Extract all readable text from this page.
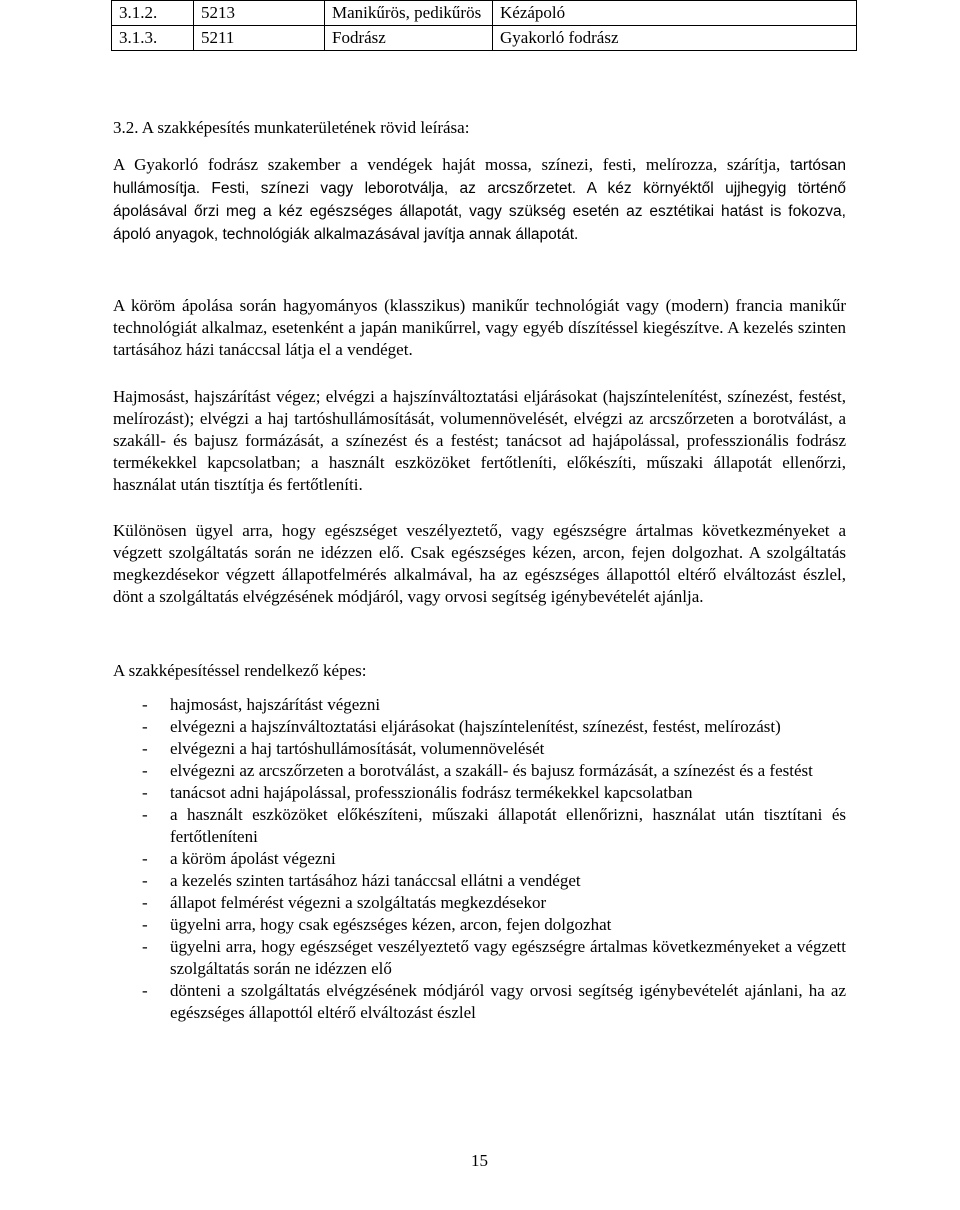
3.1.2.	5213	Manikűrös, pedikűrös	Kézápoló
3.1.3.	5211	Fodrász	Gyakorló fodrász
3.2. A szakképesítés munkaterületének rövid leírása:

A Gyakorló fodrász szakember a vendégek haját mossa, színezi, festi, melírozza, szárítja, tartósan hullámosítja. Festi, színezi vagy leborotválja, az arcszőrzetet. A kéz környéktől ujjhegyig történő ápolásával őrzi meg a kéz egészséges állapotát, vagy szükség esetén az esztétikai hatást is fokozva, ápoló anyagok, technológiák alkalmazásával javítja annak állapotát.

A köröm ápolása során hagyományos (klasszikus) manikűr technológiát vagy (modern) francia manikűr technológiát alkalmaz, esetenként a japán manikűrrel, vagy egyéb díszítéssel kiegészítve. A kezelés szinten tartásához házi tanáccsal látja el a vendéget.

Hajmosást, hajszárítást végez; elvégzi a hajszínváltoztatási eljárásokat (hajszíntelenítést, színezést, festést, melírozást); elvégzi a haj tartóshullámosítását, volumennövelését, elvégzi az arcszőrzeten a borotválást, a szakáll- és bajusz formázását, a színezést és a festést; tanácsot ad hajápolással, professzionális fodrász termékekkel kapcsolatban; a használt eszközöket fertőtleníti, előkészíti, műszaki állapotát ellenőrzi, használat után tisztítja és fertőtleníti.

Különösen ügyel arra, hogy egészséget veszélyeztető, vagy egészségre ártalmas következményeket a végzett szolgáltatás során ne idézzen elő. Csak egészséges kézen, arcon, fejen dolgozhat. A szolgáltatás megkezdésekor végzett állapotfelmérés alkalmával, ha az egészséges állapottól eltérő elváltozást észlel, dönt a szolgáltatás elvégzésének módjáról, vagy orvosi segítség igénybevételét ajánlja.

A szakképesítéssel rendelkező képes:
- hajmosást, hajszárítást végezni
- elvégezni a hajszínváltoztatási eljárásokat (hajszíntelenítést, színezést, festést, melírozást)
- elvégezni a haj tartóshullámosítását, volumennövelését
- elvégezni az arcszőrzeten a borotválást, a szakáll- és bajusz formázását, a színezést és a festést
- tanácsot adni hajápolással, professzionális fodrász termékekkel kapcsolatban
- a használt eszközöket előkészíteni, műszaki állapotát ellenőrizni, használat után tisztítani és fertőtleníteni
- a köröm ápolást végezni
- a kezelés szinten tartásához házi tanáccsal ellátni a vendéget
- állapot felmérést végezni a szolgáltatás megkezdésekor
- ügyelni arra, hogy csak egészséges kézen, arcon, fejen dolgozhat
- ügyelni arra, hogy egészséget veszélyeztető vagy egészségre ártalmas következményeket a végzett szolgáltatás során ne idézzen elő
- dönteni a szolgáltatás elvégzésének módjáról vagy orvosi segítség igénybevételét ajánlani, ha az egészséges állapottól eltérő elváltozást észlel
15
